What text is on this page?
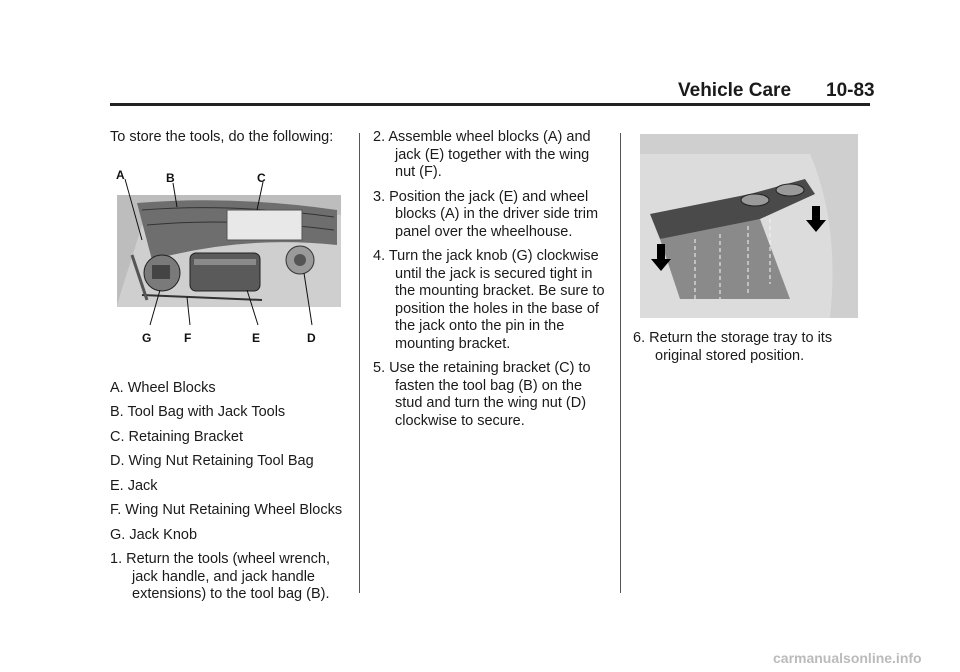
Vehicle Care 10-83

To store the tools, do the following:

A. Wheel Blocks

B. Tool Bag with Jack Tools

C. Retaining Bracket

D. Wing Nut Retaining Tool Bag

E. Jack

F. Wing Nut Retaining Wheel Blocks

G. Jack Knob

1. Return the tools (wheel wrench, jack handle, and jack handle extensions) to the tool bag (B).

A	B	C
G	F	E	D

2. Assemble wheel blocks (A) and jack (E) together with the wing nut (F).

3. Position the jack (E) and wheel blocks (A) in the driver side trim panel over the wheelhouse.

4. Turn the jack knob (G) clockwise until the jack is secured tight in the mounting bracket. Be sure to position the holes in the base of the jack onto the pin in the mounting bracket.

5. Use the retaining bracket (C) to fasten the tool bag (B) on the stud and turn the wing nut (D) clockwise to secure.

6. Return the storage tray to its original stored position.

carmanualsonline.info
